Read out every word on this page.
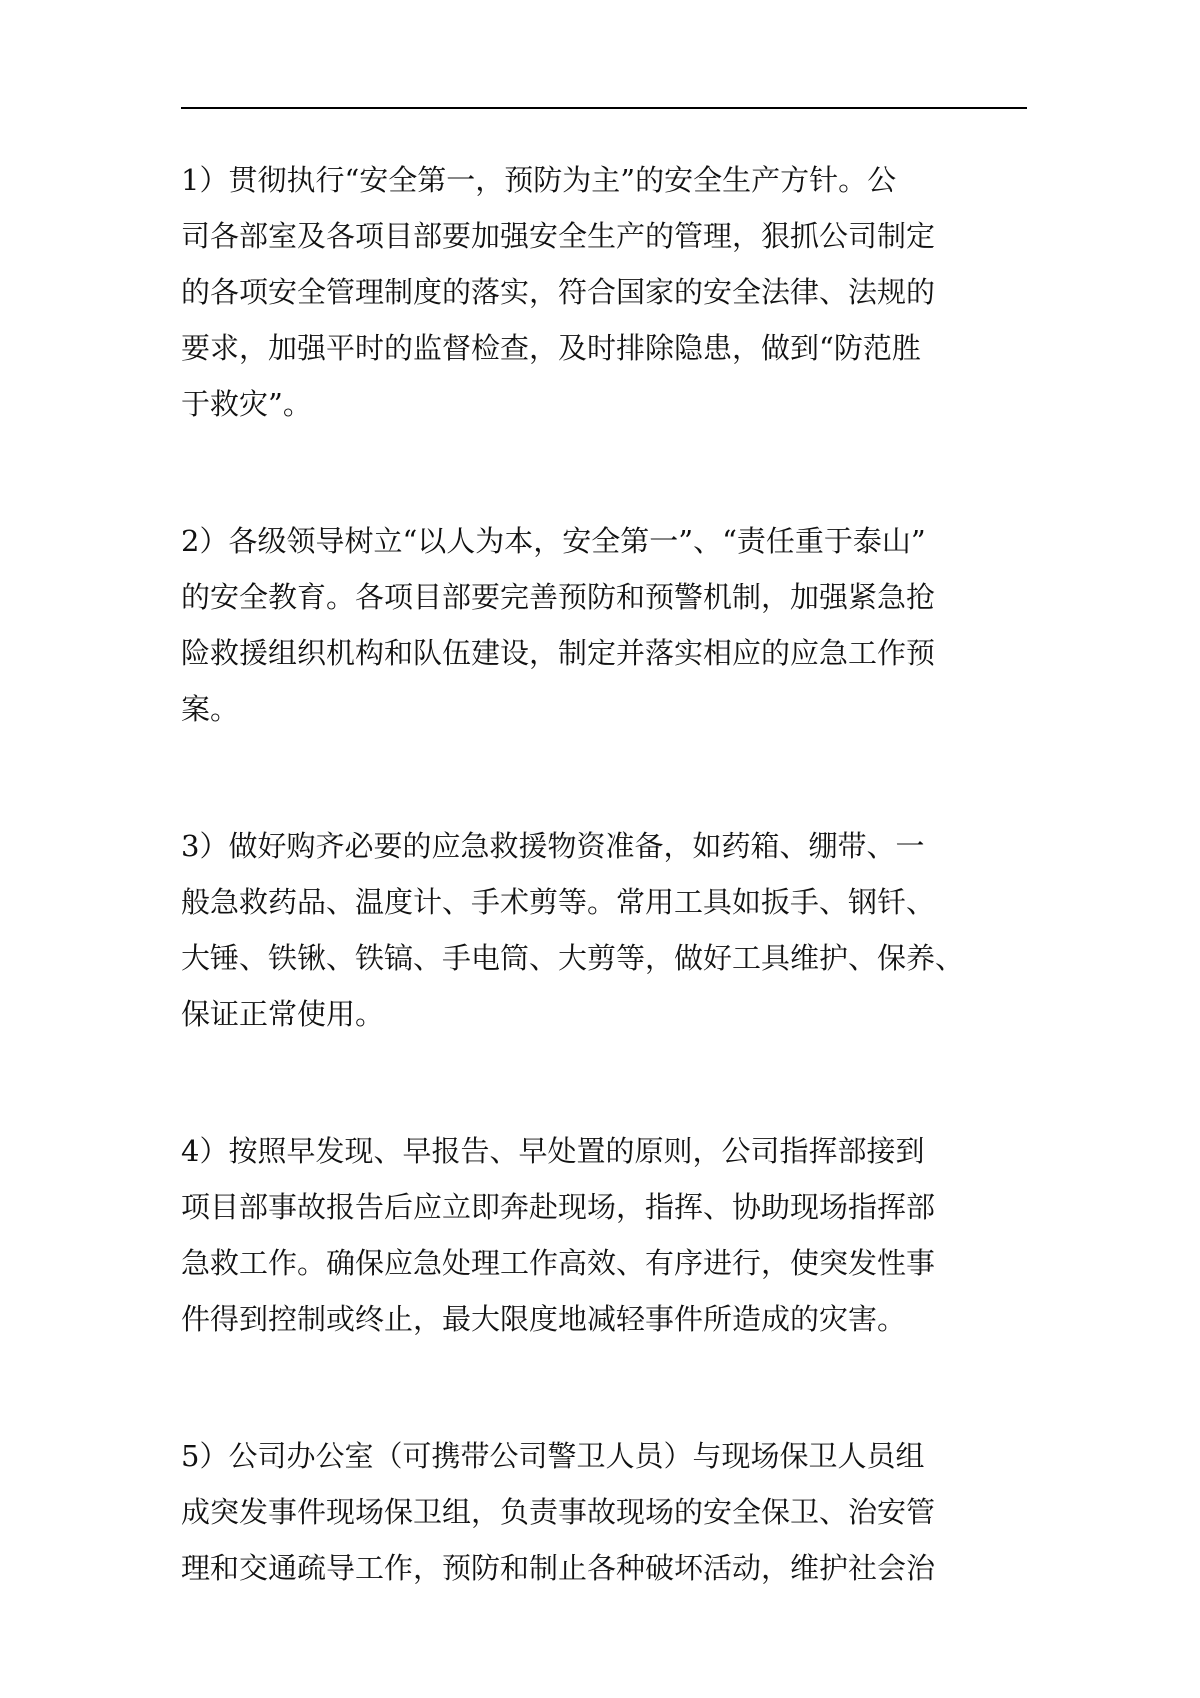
1）贯彻执行“安全第一，预防为主”的安全生产方针。公
司各部室及各项目部要加强安全生产的管理，狠抓公司制定
的各项安全管理制度的落实，符合国家的安全法律、法规的
要求，加强平时的监督检查，及时排除隐患，做到“防范胜
于救灾”。
2）各级领导树立“以人为本，安全第一”、“责任重于泰山”
的安全教育。各项目部要完善预防和预警机制，加强紧急抢
险救援组织机构和队伍建设，制定并落实相应的应急工作预
案。
3）做好购齐必要的应急救援物资准备，如药箱、绷带、一
般急救药品、温度计、手术剪等。常用工具如扳手、钢钎、
大锤、铁锹、铁镐、手电筒、大剪等，做好工具维护、保养、
保证正常使用。
4）按照早发现、早报告、早处置的原则，公司指挥部接到
项目部事故报告后应立即奔赴现场，指挥、协助现场指挥部
急救工作。确保应急处理工作高效、有序进行，使突发性事
件得到控制或终止，最大限度地减轻事件所造成的灾害。
5）公司办公室（可携带公司警卫人员）与现场保卫人员组
成突发事件现场保卫组，负责事故现场的安全保卫、治安管
理和交通疏导工作，预防和制止各种破坏活动，维护社会治
